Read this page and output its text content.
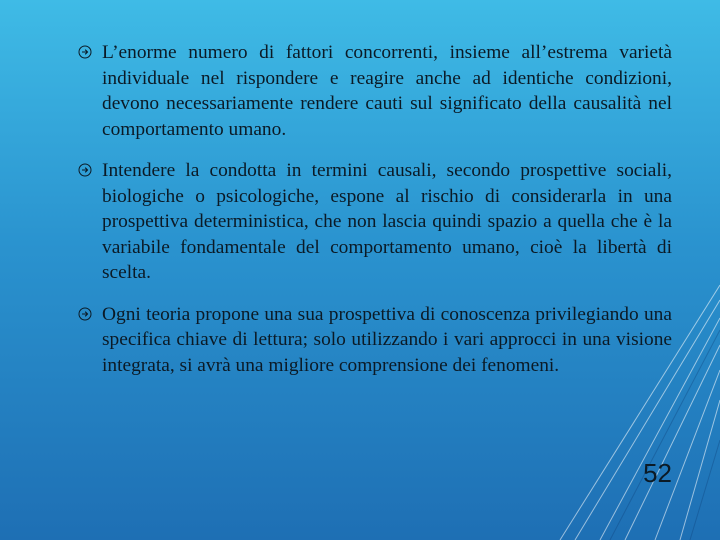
L’enorme numero di fattori concorrenti, insieme all’estrema varietà individuale nel rispondere e reagire anche ad identiche condizioni, devono necessariamente rendere cauti sul significato della causalità nel comportamento umano.
Intendere la condotta in termini causali, secondo prospettive sociali, biologiche o psicologiche, espone al rischio di considerarla in una prospettiva deterministica, che non lascia quindi spazio a quella che è la variabile fondamentale del comportamento umano, cioè la libertà di scelta.
Ogni teoria propone una sua prospettiva di conoscenza privilegiando una specifica chiave di lettura; solo utilizzando i vari approcci in una visione integrata, si avrà una migliore comprensione dei fenomeni.
52
